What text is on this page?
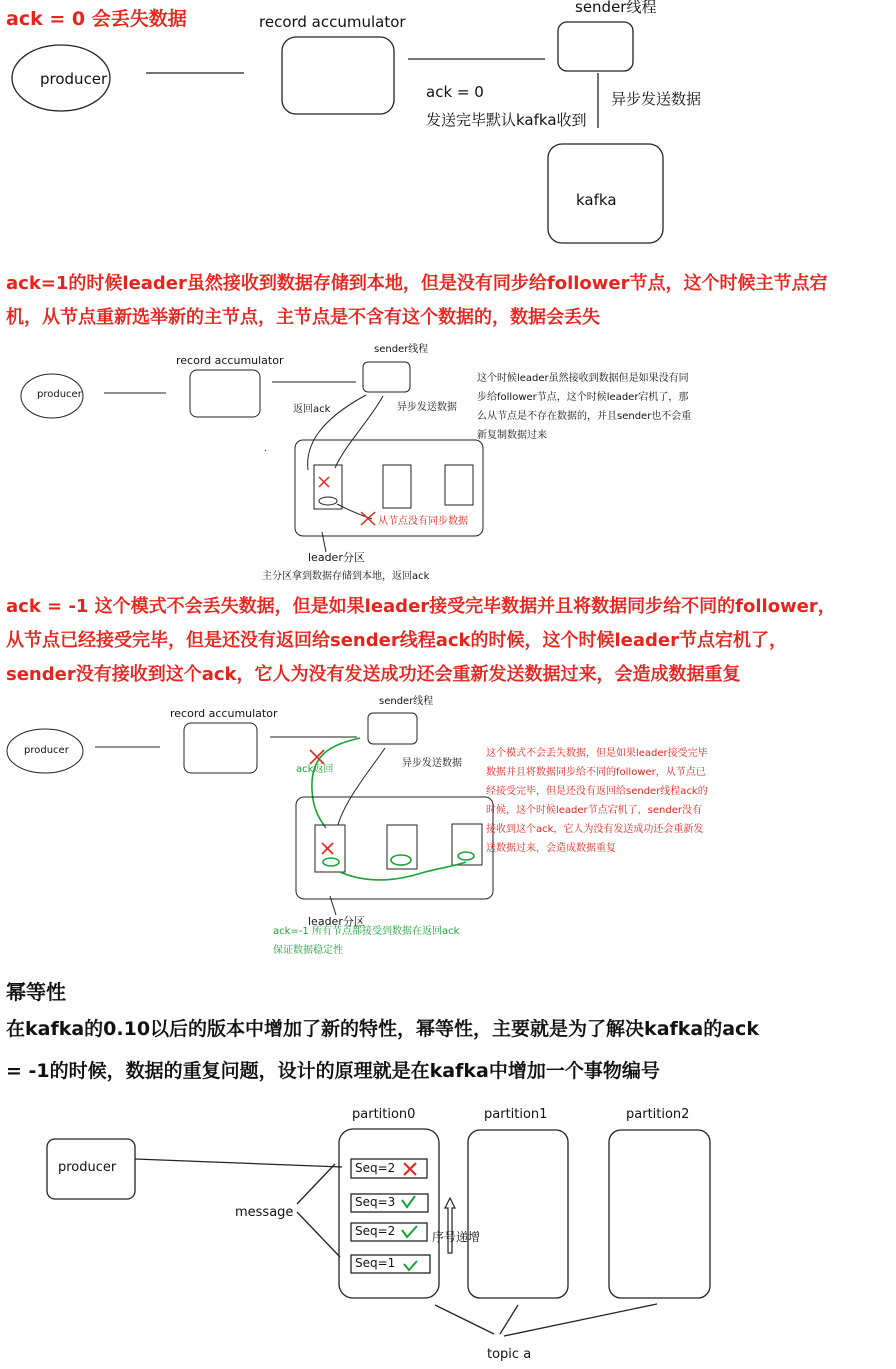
ack = 0 会丢失数据
producer
record accumulator
sender线程
ack = 0
发送完毕默认kafka收到
异步发送数据
kafka
ack=1的时候leader虽然接收到数据存储到本地，但是没有同步给follower节点，这个时候主节点宕
机，从节点重新选举新的主节点，主节点是不含有这个数据的，数据会丢失
producer
record accumulator
sender线程
返回ack	异步发送数据
从节点没有同步数据
leader分区
主分区拿到数据存储到本地，返回ack
这个时候leader虽然接收到数据但是如果没有同步给follower节点，这个时候leader宕机了，那么从节点是不存在数据的，并且sender也不会重新复制数据过来
ack = -1 这个模式不会丢失数据，但是如果leader接受完毕数据并且将数据同步给不同的follower，
从节点已经接受完毕，但是还没有返回给sender线程ack的时候，这个时候leader节点宕机了，
sender没有接收到这个ack，它人为没有发送成功还会重新发送数据过来，会造成数据重复
producer
record accumulator
sender线程
ack返回
异步发送数据
leader分区
ack=-1 所有节点都接受到数据在返回ack
保证数据稳定性
这个模式不会丢失数据，但是如果leader接受完毕数据并且将数据同步给不同的follower，从节点已经接受完毕，但是还没有返回给sender线程ack的时候，这个时候leader节点宕机了，sender没有接收到这个ack，它人为没有发送成功还会重新发送数据过来，会造成数据重复
幂等性
在kafka的0.10以后的版本中增加了新的特性，幂等性，主要就是为了解决kafka的ack
= -1的时候，数据的重复问题，设计的原理就是在kafka中增加一个事物编号
producer
partition0	partition1	partition2
message
Seq=2
Seq=3
Seq=2
Seq=1
序号递增
topic a
